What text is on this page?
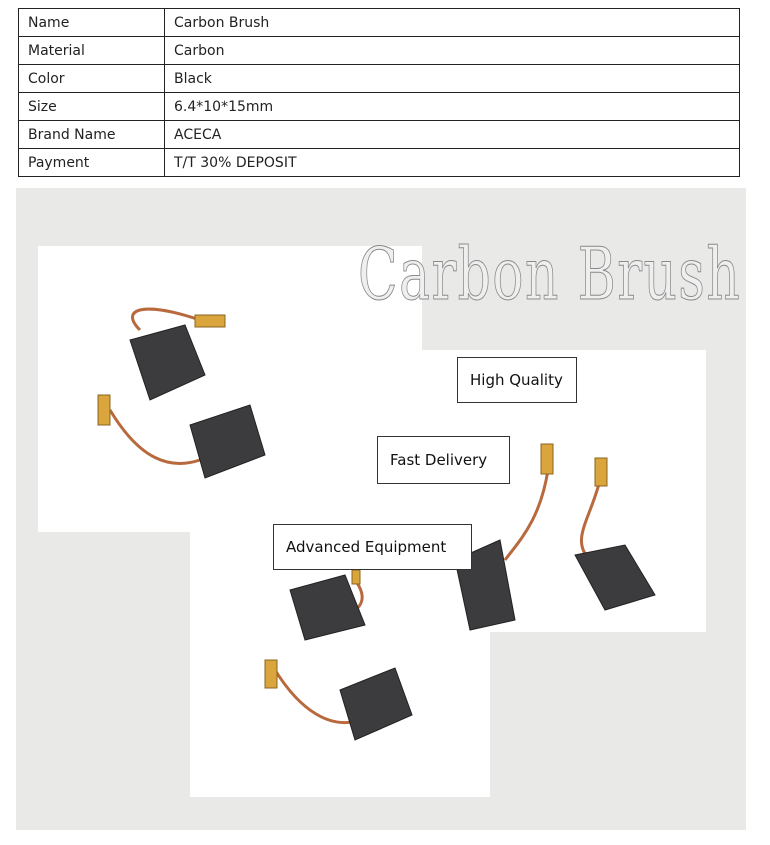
Name	Carbon Brush
Material	Carbon
Color	Black
Size	6.4*10*15mm
Brand Name	ACECA
Payment	T/T 30% DEPOSIT
Carbon Brush
High Quality
Fast Delivery
Advanced Equipment
